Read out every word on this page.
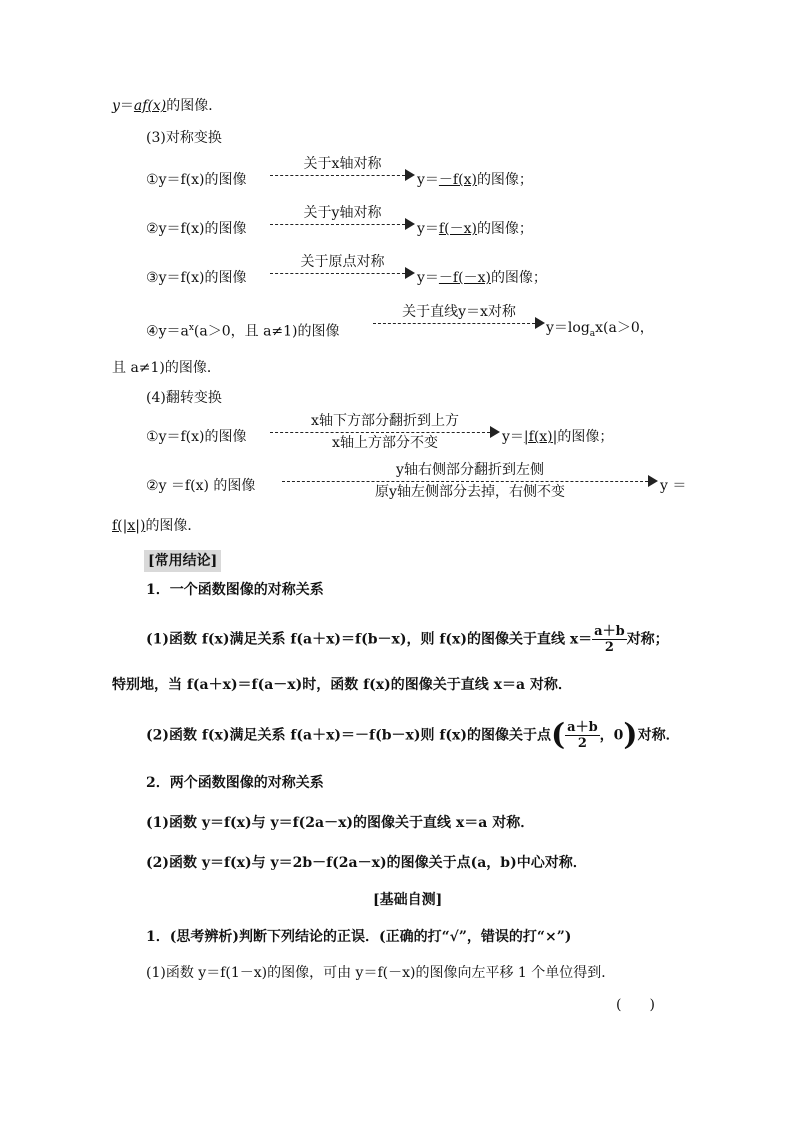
y＝af(x)的图像．
(3)对称变换
①y＝f(x)的图像
关于x轴对称
y＝－f(x)的图像；
②y＝f(x)的图像
关于y轴对称
y＝f(－x)的图像；
③y＝f(x)的图像
关于原点对称
y＝－f(－x)的图像；
$④y=a^x(a>0$，且 a≠1)的图像
关于直线y＝x对称
$y=\log_ax(a>0$，
且 a≠1)的图像．
(4)翻转变换
①y＝f(x)的图像
x轴下方部分翻折到上方
x轴上方部分不变	y＝|f(x)|的图像；
②y ＝f(x) 的图像
y轴右侧部分翻折到左侧
原y轴左侧部分去掉，右侧不变	y ＝
f(|x|)的图像．
[常用结论]
1．一个函数图像的对称关系
(1)函数 f(x)满足关系 f(a＋x)＝f(b－x)，则 f(x)的图像关于直线 $x= \frac{a+b}{2}$ 对称；
特别地，当 f(a＋x)＝f(a－x)时，函数 f(x)的图像关于直线 x＝a 对称．
(2)函数 f(x)满足关系 f(a＋x)＝－f(b－x)则 f(x)的图像关于点( $\frac{a+b}{2}$ ，0)对称．
2．两个函数图像的对称关系
(1)函数 y＝f(x)与 y＝f(2a－x)的图像关于直线 x＝a 对称．
(2)函数 y＝f(x)与 y＝2b－f(2a－x)的图像关于点(a，b)中心对称．
[基础自测]
1．(思考辨析)判断下列结论的正误．(正确的打“√”，错误的打“×”)
(1)函数 y＝f(1－x)的图像，可由 y＝f(－x)的图像向左平移 1 个单位得到．
(　　)
